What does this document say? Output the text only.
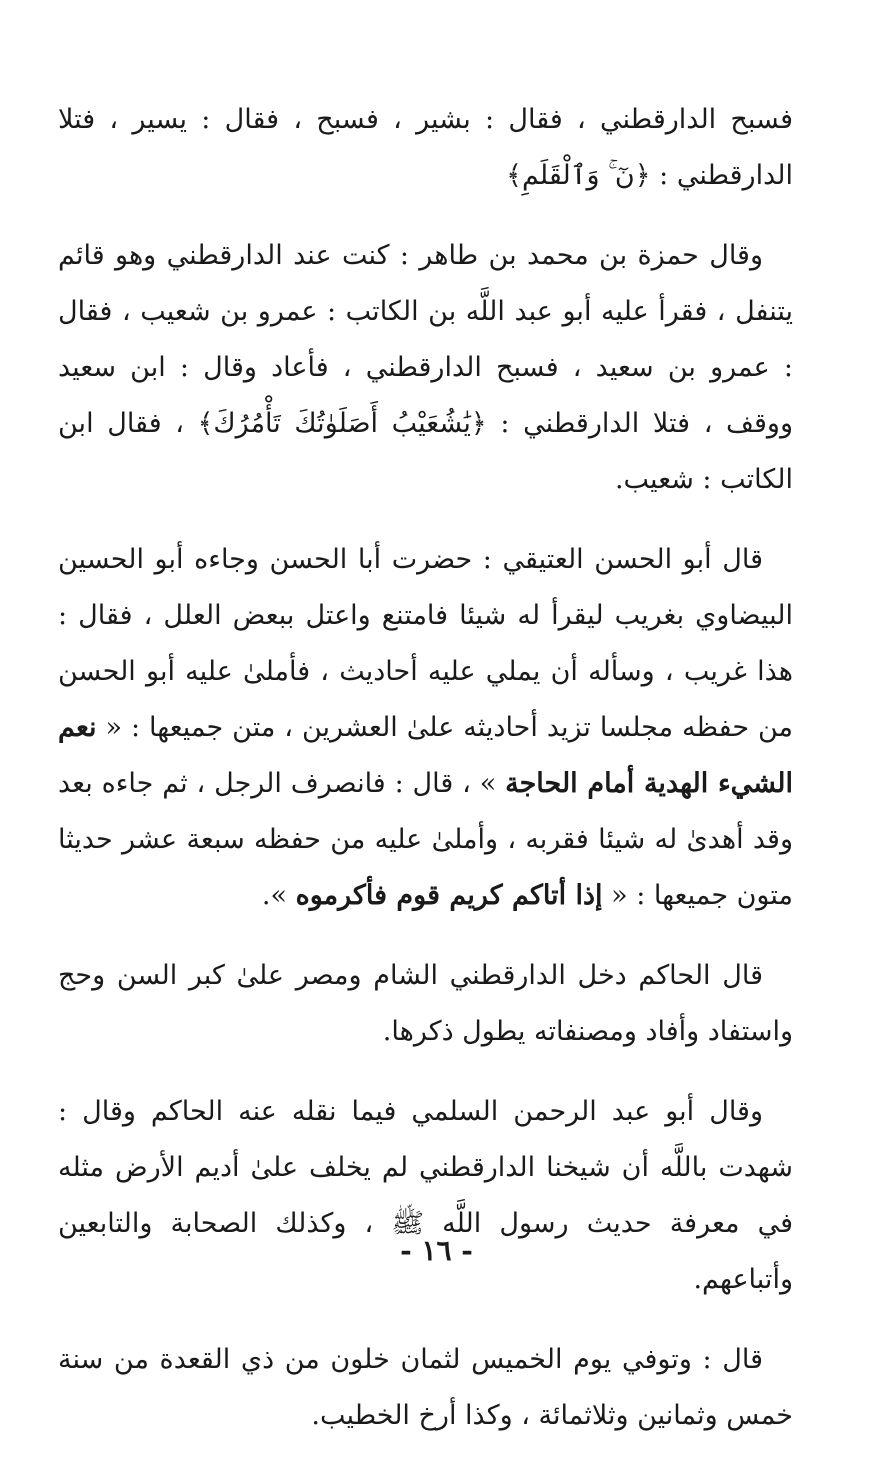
فسبح الدارقطني ، فقال : بشير ، فسبح ، فقال : يسير ، فتلا الدارقطني : ﴿نٓ ۚ وَٱلْقَلَمِ﴾

وقال حمزة بن محمد بن طاهر : كنت عند الدارقطني وهو قائم يتنفل ، فقرأ عليه أبو عبد اللَّه بن الكاتب : عمرو بن شعيب ، فقال : عمرو بن سعيد ، فسبح الدارقطني ، فأعاد وقال : ابن سعيد ووقف ، فتلا الدارقطني : ﴿يَٰشُعَيْبُ أَصَلَوٰتُكَ تَأْمُرُكَ﴾ ، فقال ابن الكاتب : شعيب.

قال أبو الحسن العتيقي : حضرت أبا الحسن وجاءه أبو الحسين البيضاوي بغريب ليقرأ له شيئا فامتنع واعتل ببعض العلل ، فقال : هذا غريب ، وسأله أن يملي عليه أحاديث ، فأملىٰ عليه أبو الحسن من حفظه مجلسا تزيد أحاديثه علىٰ العشرين ، متن جميعها : « نعم الشيء الهدية أمام الحاجة » ، قال : فانصرف الرجل ، ثم جاءه بعد وقد أهدىٰ له شيئا فقربه ، وأملىٰ عليه من حفظه سبعة عشر حديثا متون جميعها : « إذا أتاكم كريم قوم فأكرموه ».

قال الحاكم دخل الدارقطني الشام ومصر علىٰ كبر السن وحج واستفاد وأفاد ومصنفاته يطول ذكرها.

وقال أبو عبد الرحمن السلمي فيما نقله عنه الحاكم وقال : شهدت باللَّه أن شيخنا الدارقطني لم يخلف علىٰ أديم الأرض مثله في معرفة حديث رسول اللَّه ﷺ ، وكذلك الصحابة والتابعين وأتباعهم.

قال : وتوفي يوم الخميس لثمان خلون من ذي القعدة من سنة خمس وثمانين وثلاثمائة ، وكذا أرخ الخطيب.

- ١٦ -
